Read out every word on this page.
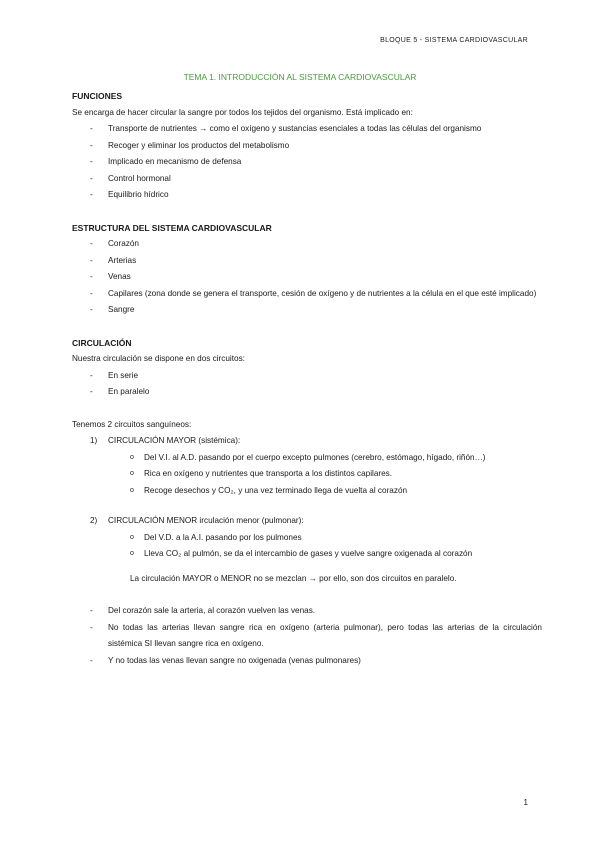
BLOQUE 5 - SISTEMA CARDIOVASCULAR
TEMA 1. INTRODUCCIÓN AL SISTEMA CARDIOVASCULAR
FUNCIONES
Se encarga de hacer circular la sangre por todos los tejidos del organismo. Está implicado en:
- Transporte de nutrientes → como el oxígeno y sustancias esenciales a todas las células del organismo
- Recoger y eliminar los productos del metabolismo
- Implicado en mecanismo de defensa
- Control hormonal
- Equilibrio hídrico
ESTRUCTURA DEL SISTEMA CARDIOVASCULAR
- Corazón
- Arterias
- Venas
- Capilares (zona donde se genera el transporte, cesión de oxígeno y de nutrientes a la célula en el que esté implicado)
- Sangre
CIRCULACIÓN
Nuestra circulación se dispone en dos circuitos:
- En serie
- En paralelo
Tenemos 2 circuitos sanguíneos:
1) CIRCULACIÓN MAYOR (sistémica):
o Del V.I. al A.D. pasando por el cuerpo excepto pulmones (cerebro, estómago, hígado, riñón…)
o Rica en oxígeno y nutrientes que transporta a los distintos capilares.
o Recoge desechos y CO₂, y una vez terminado llega de vuelta al corazón
2) CIRCULACIÓN MENOR irculación menor (pulmonar):
o Del V.D. a la A.I. pasando por los pulmones
o Lleva CO₂ al pulmón, se da el intercambio de gases y vuelve sangre oxigenada al corazón
La circulación MAYOR o MENOR no se mezclan → por ello, son dos circuitos en paralelo.
- Del corazón sale la arteria, al corazón vuelven las venas.
- No todas las arterias llevan sangre rica en oxígeno (arteria pulmonar), pero todas las arterias de la circulación sistémica SI llevan sangre rica en oxígeno.
- Y no todas las venas llevan sangre no oxigenada (venas pulmonares)
1
